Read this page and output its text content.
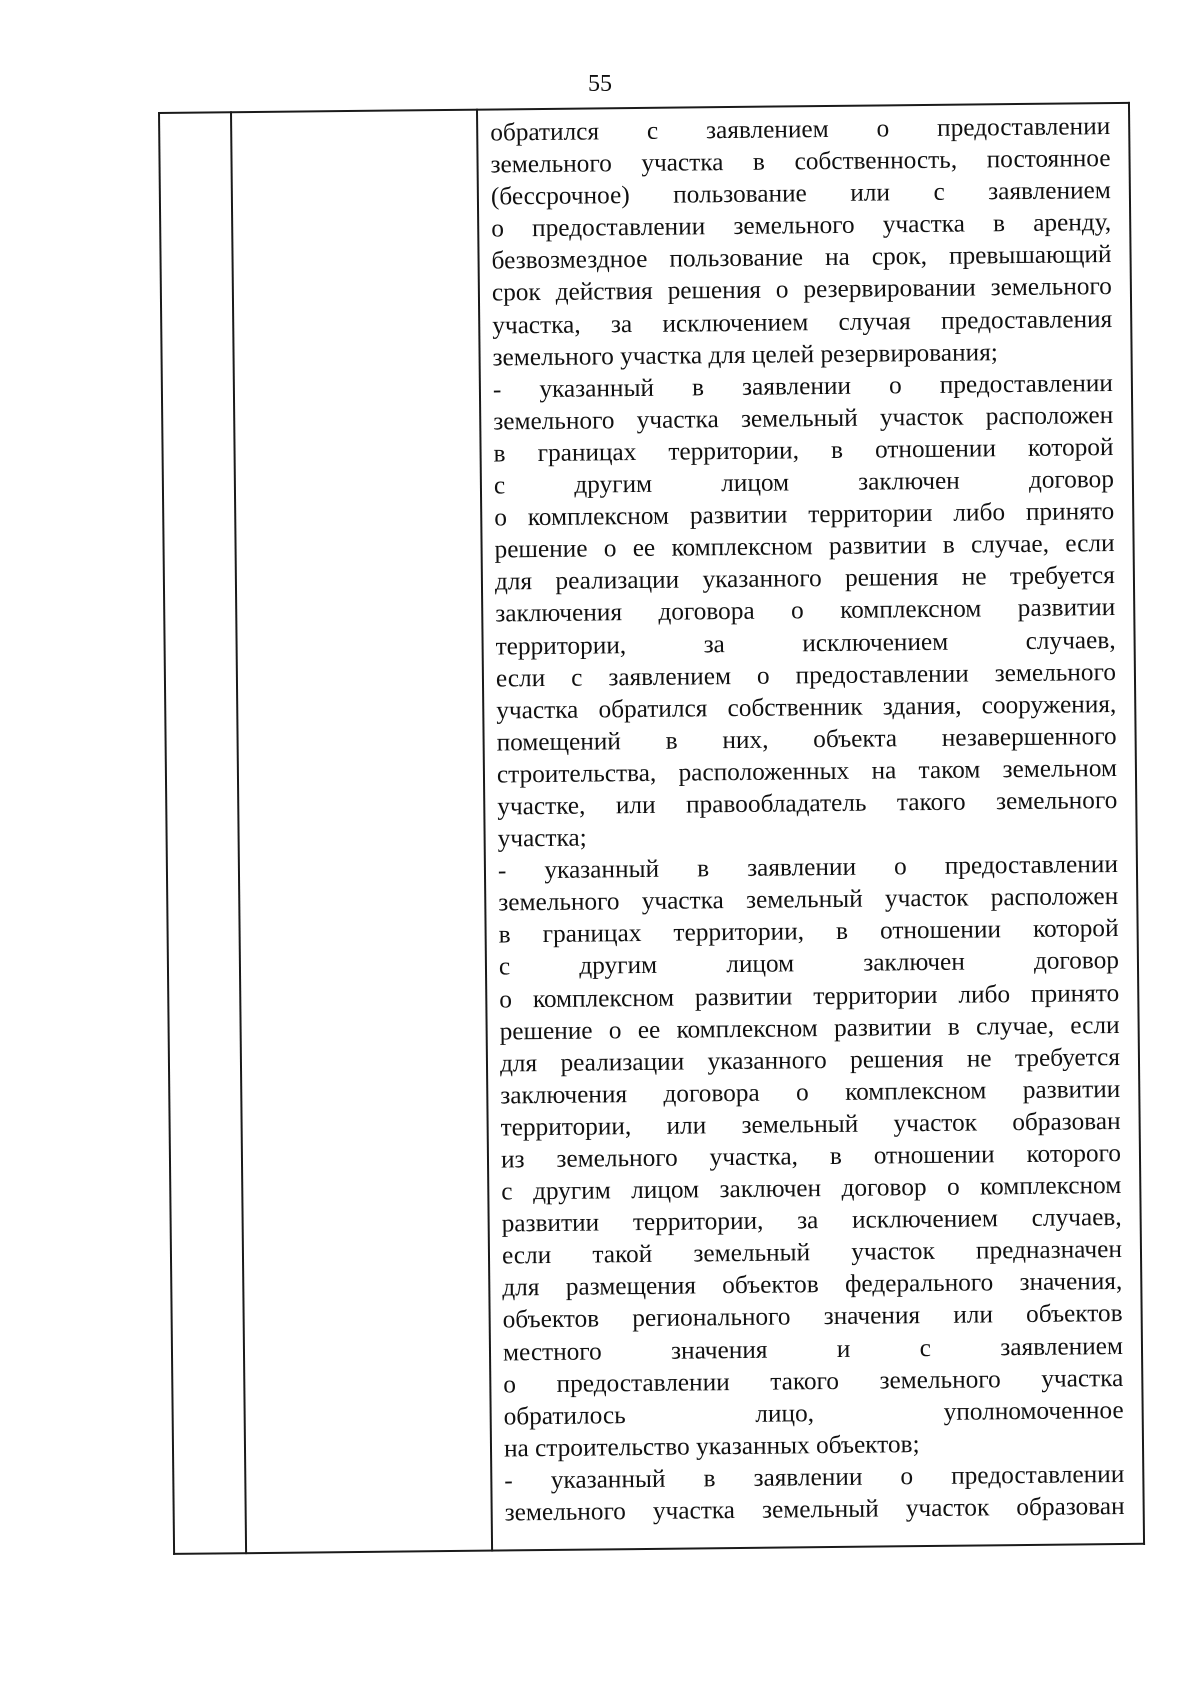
55
обратился с заявлением о предоставлении
земельного участка в собственность, постоянное
(бессрочное) пользование или с заявлением
о предоставлении земельного участка в аренду,
безвозмездное пользование на срок, превышающий
срок действия решения о резервировании земельного
участка, за исключением случая предоставления
земельного участка для целей резервирования;
- указанный в заявлении о предоставлении
земельного участка земельный участок расположен
в границах территории, в отношении которой
с	другим	лицом	заключен	договор
о комплексном развитии территории либо принято
решение о ее комплексном развитии в случае, если
для реализации указанного решения не требуется
заключения договора о комплексном развитии
территории,	за	исключением	случаев,
если с заявлением о предоставлении земельного
участка обратился собственник здания, сооружения,
помещений в них, объекта незавершенного
строительства, расположенных на таком земельном
участке, или правообладатель такого земельного
участка;
- указанный в заявлении о предоставлении
земельного участка земельный участок расположен
в границах территории, в отношении которой
с	другим	лицом	заключен	договор
о комплексном развитии территории либо принято
решение о ее комплексном развитии в случае, если
для реализации указанного решения не требуется
заключения договора о комплексном развитии
территории, или земельный участок образован
из земельного участка, в отношении которого
с другим лицом заключен договор о комплексном
развитии территории, за исключением случаев,
если такой земельный участок предназначен
для размещения объектов федерального значения,
объектов регионального значения или объектов
местного	значения	и	с	заявлением
о предоставлении такого земельного участка
обратилось	лицо,	уполномоченное
на строительство указанных объектов;
- указанный в заявлении о предоставлении
земельного участка земельный участок образован
